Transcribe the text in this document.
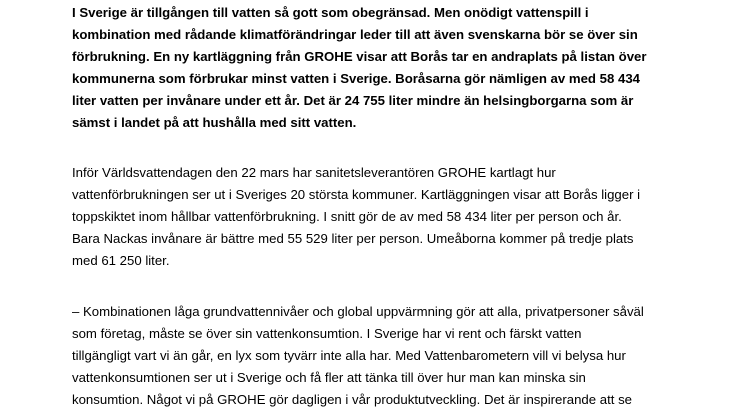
I Sverige är tillgången till vatten så gott som obegränsad. Men onödigt vattenspill i
kombination med rådande klimatförändringar leder till att även svenskarna bör se över sin
förbrukning. En ny kartläggning från GROHE visar att Borås tar en andraplats på listan över
kommunerna som förbrukar minst vatten i Sverige. Boråsarna gör nämligen av med 58 434
liter vatten per invånare under ett år. Det är 24 755 liter mindre än helsingborgarna som är
sämst i landet på att hushålla med sitt vatten.
Inför Världsvattendagen den 22 mars har sanitetsleverantören GROHE kartlagt hur
vattenförbrukningen ser ut i Sveriges 20 största kommuner. Kartläggningen visar att Borås ligger i
toppskiktet inom hållbar vattenförbrukning. I snitt gör de av med 58 434 liter per person och år.
Bara Nackas invånare är bättre med 55 529 liter per person. Umeåborna kommer på tredje plats
med 61 250 liter.
– Kombinationen låga grundvattennivåer och global uppvärmning gör att alla, privatpersoner såväl
som företag, måste se över sin vattenkonsumtion. I Sverige har vi rent och färskt vatten
tillgängligt vart vi än går, en lyx som tyvärr inte alla har. Med Vattenbarometern vill vi belysa hur
vattenkonsumtionen ser ut i Sverige och få fler att tänka till över hur man kan minska sin
konsumtion. Något vi på GROHE gör dagligen i vår produktutveckling. Det är inspirerande att se
